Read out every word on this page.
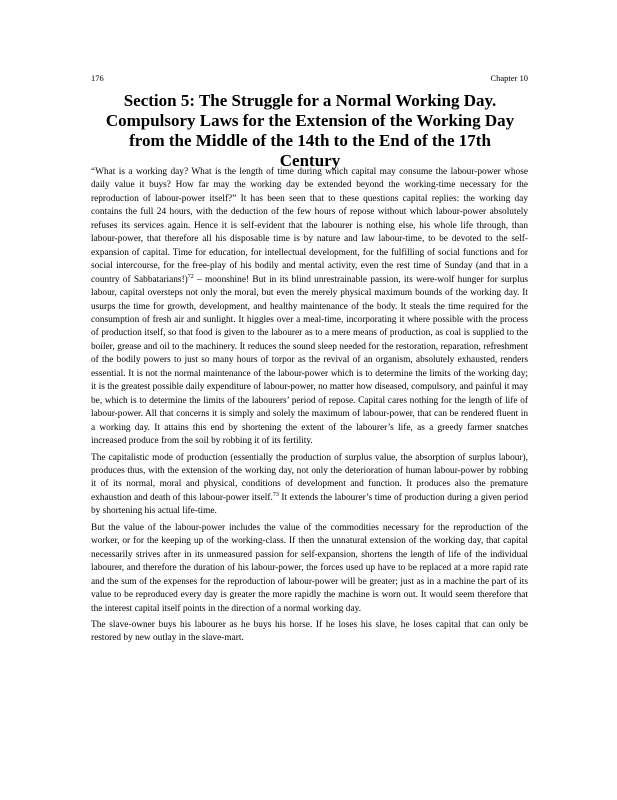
176	Chapter 10
Section 5: The Struggle for a Normal Working Day. Compulsory Laws for the Extension of the Working Day from the Middle of the 14th to the End of the 17th Century

“What is a working day? What is the length of time during which capital may consume the labour-power whose daily value it buys? How far may the working day be extended beyond the working-time necessary for the reproduction of labour-power itself?” It has been seen that to these questions capital replies: the working day contains the full 24 hours, with the deduction of the few hours of repose without which labour-power absolutely refuses its services again. Hence it is self-evident that the labourer is nothing else, his whole life through, than labour-power, that therefore all his disposable time is by nature and law labour-time, to be devoted to the self-expansion of capital. Time for education, for intellectual development, for the fulfilling of social functions and for social intercourse, for the free-play of his bodily and mental activity, even the rest time of Sunday (and that in a country of Sabbatarians!)$^{72}$ – moonshine! But in its blind unrestrainable passion, its were-wolf hunger for surplus labour, capital oversteps not only the moral, but even the merely physical maximum bounds of the working day. It usurps the time for growth, development, and healthy maintenance of the body. It steals the time required for the consumption of fresh air and sunlight. It higgles over a meal-time, incorporating it where possible with the process of production itself, so that food is given to the labourer as to a mere means of production, as coal is supplied to the boiler, grease and oil to the machinery. It reduces the sound sleep needed for the restoration, reparation, refreshment of the bodily powers to just so many hours of torpor as the revival of an organism, absolutely exhausted, renders essential. It is not the normal maintenance of the labour-power which is to determine the limits of the working day; it is the greatest possible daily expenditure of labour-power, no matter how diseased, compulsory, and painful it may be, which is to determine the limits of the labourers’ period of repose. Capital cares nothing for the length of life of labour-power. All that concerns it is simply and solely the maximum of labour-power, that can be rendered fluent in a working day. It attains this end by shortening the extent of the labourer’s life, as a greedy farmer snatches increased produce from the soil by robbing it of its fertility.

The capitalistic mode of production (essentially the production of surplus value, the absorption of surplus labour), produces thus, with the extension of the working day, not only the deterioration of human labour-power by robbing it of its normal, moral and physical, conditions of development and function. It produces also the premature exhaustion and death of this labour-power itself.$^{73}$ It extends the labourer’s time of production during a given period by shortening his actual life-time.

But the value of the labour-power includes the value of the commodities necessary for the reproduction of the worker, or for the keeping up of the working-class. If then the unnatural extension of the working day, that capital necessarily strives after in its unmeasured passion for self-expansion, shortens the length of life of the individual labourer, and therefore the duration of his labour-power, the forces used up have to be replaced at a more rapid rate and the sum of the expenses for the reproduction of labour-power will be greater; just as in a machine the part of its value to be reproduced every day is greater the more rapidly the machine is worn out. It would seem therefore that the interest capital itself points in the direction of a normal working day.

The slave-owner buys his labourer as he buys his horse. If he loses his slave, he loses capital that can only be restored by new outlay in the slave-mart.
